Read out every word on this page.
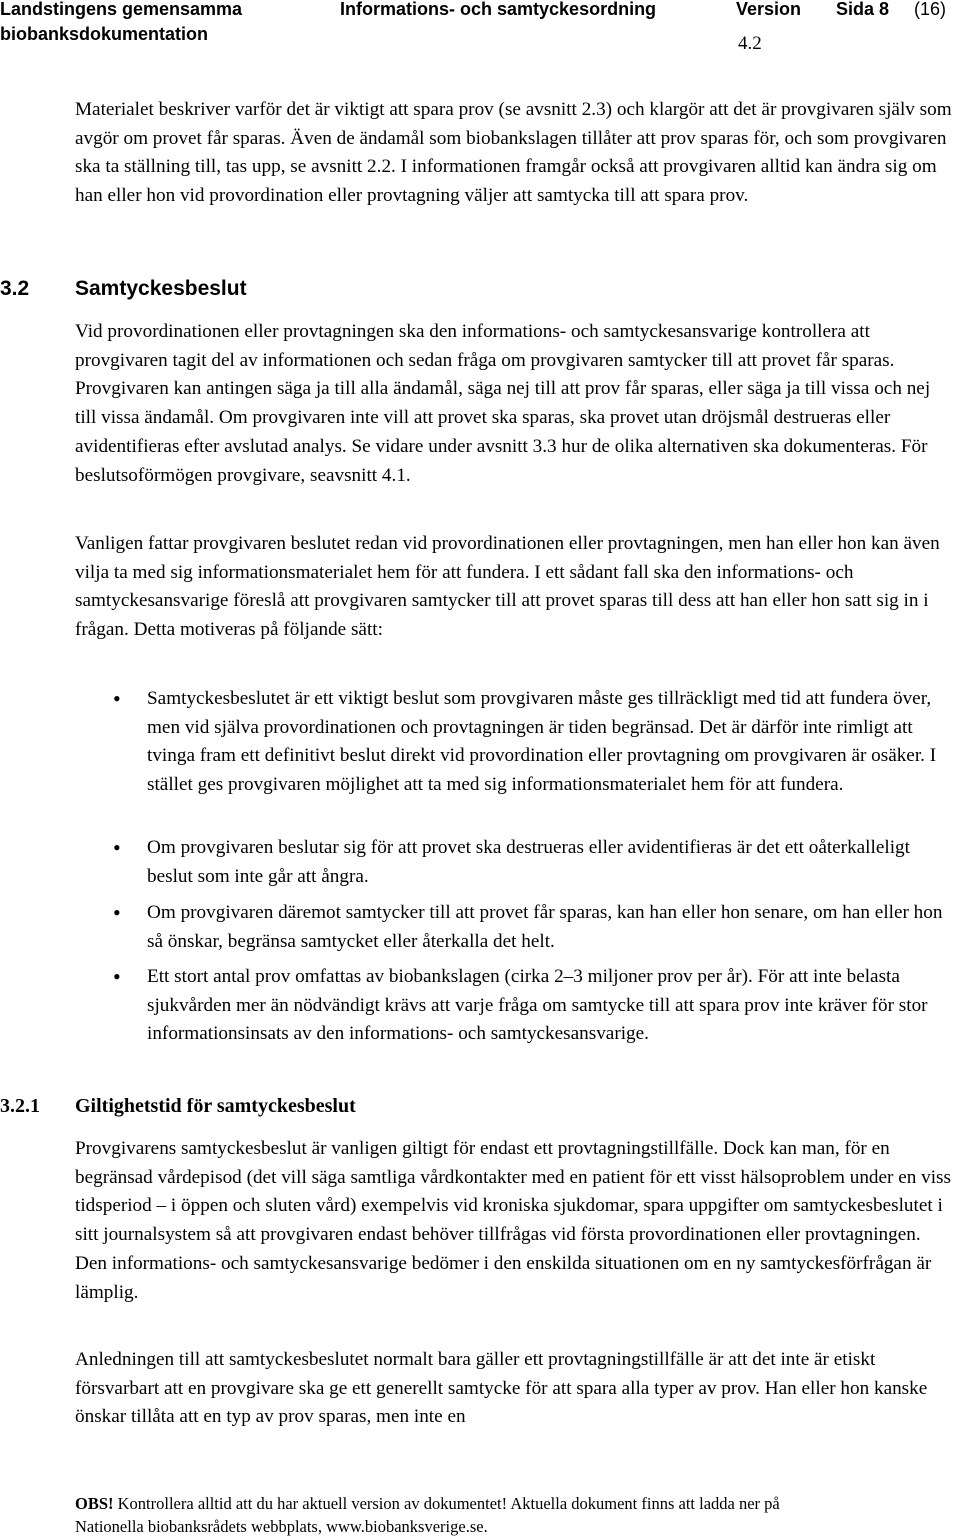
Landstingens gemensamma
biobanksdokumentation
Informations- och samtyckesordning	Version
4.2
Sida 8 (16)

Materialet beskriver varför det är viktigt att spara prov (se avsnitt 2.3) och klargör att det är provgivaren själv som avgör om provet får sparas. Även de ändamål som biobankslagen tillåter att prov sparas för, och som provgivaren ska ta ställning till, tas upp, se avsnitt 2.2. I informationen framgår också att provgivaren alltid kan ändra sig om han eller hon vid provordination eller provtagning väljer att samtycka till att spara prov.

3.2 Samtyckesbeslut

Vid provordinationen eller provtagningen ska den informations- och samtyckesansvarige kontrollera att provgivaren tagit del av informationen och sedan fråga om provgivaren samtycker till att provet får sparas. Provgivaren kan antingen säga ja till alla ändamål, säga nej till att prov får sparas, eller säga ja till vissa och nej till vissa ändamål. Om provgivaren inte vill att provet ska sparas, ska provet utan dröjsmål destrueras eller avidentifieras efter avslutad analys. Se vidare under avsnitt 3.3 hur de olika alternativen ska dokumenteras. För beslutsoförmögen provgivare, seavsnitt 4.1.

Vanligen fattar provgivaren beslutet redan vid provordinationen eller provtagningen, men han eller hon kan även vilja ta med sig informationsmaterialet hem för att fundera. I ett sådant fall ska den informations- och samtyckesansvarige föreslå att provgivaren samtycker till att provet sparas till dess att han eller hon satt sig in i frågan. Detta motiveras på följande sätt:

• Samtyckesbeslutet är ett viktigt beslut som provgivaren måste ges tillräckligt med tid att fundera över, men vid själva provordinationen och provtagningen är tiden begränsad. Det är därför inte rimligt att tvinga fram ett definitivt beslut direkt vid provordination eller provtagning om provgivaren är osäker. I stället ges provgivaren möjlighet att ta med sig informationsmaterialet hem för att fundera.

• Om provgivaren beslutar sig för att provet ska destrueras eller avidentifieras är det ett oåterkalleligt beslut som inte går att ångra.

• Om provgivaren däremot samtycker till att provet får sparas, kan han eller hon senare, om han eller hon så önskar, begränsa samtycket eller återkalla det helt.

• Ett stort antal prov omfattas av biobankslagen (cirka 2–3 miljoner prov per år). För att inte belasta sjukvården mer än nödvändigt krävs att varje fråga om samtycke till att spara prov inte kräver för stor informationsinsats av den informations- och samtyckesansvarige.

3.2.1 Giltighetstid för samtyckesbeslut

Provgivarens samtyckesbeslut är vanligen giltigt för endast ett provtagningstillfälle. Dock kan man, för en begränsad vårdepisod (det vill säga samtliga vårdkontakter med en patient för ett visst hälsoproblem under en viss tidsperiod – i öppen och sluten vård) exempelvis vid kroniska sjukdomar, spara uppgifter om samtyckesbeslutet i sitt journalsystem så att provgivaren endast behöver tillfrågas vid första provordinationen eller provtagningen. Den informations- och samtyckesansvarige bedömer i den enskilda situationen om en ny samtyckesförfrågan är lämplig.

Anledningen till att samtyckesbeslutet normalt bara gäller ett provtagningstillfälle är att det inte är etiskt försvarbart att en provgivare ska ge ett generellt samtycke för att spara alla typer av prov. Han eller hon kanske önskar tillåta att en typ av prov sparas, men inte en

OBS! Kontrollera alltid att du har aktuell version av dokumentet! Aktuella dokument finns att ladda ner på
Nationella biobanksrådets webbplats, www.biobanksverige.se.
